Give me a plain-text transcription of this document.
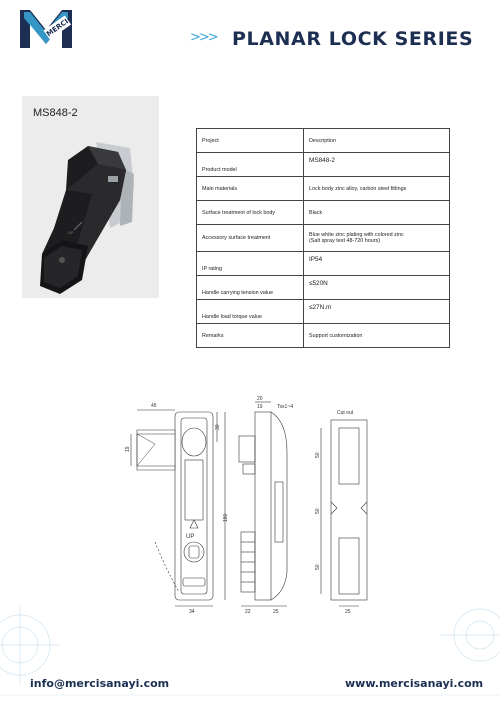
MERCI	>>> PLANAR LOCK SERIES
MS848-2
UP
Project	Description
Product model	MS848-2
Main materials	Lock body zinc alloy, carbon steel fittings
Surface treatment of lock body	Black
Accessory surface treatment	Blue white zinc plating with colored zinc
(Salt spray test 48-720 hours)

IP rating	IP54
Handle carrying tension value	≤520N
Handle load torque value	≤27N.m
Remarks	Support customization
45
30
19
180
34
UP
20
19	Tsx1~4
22	25
Cut out
50
50
50
25
info@mercisanayi.com	www.mercisanayi.com
